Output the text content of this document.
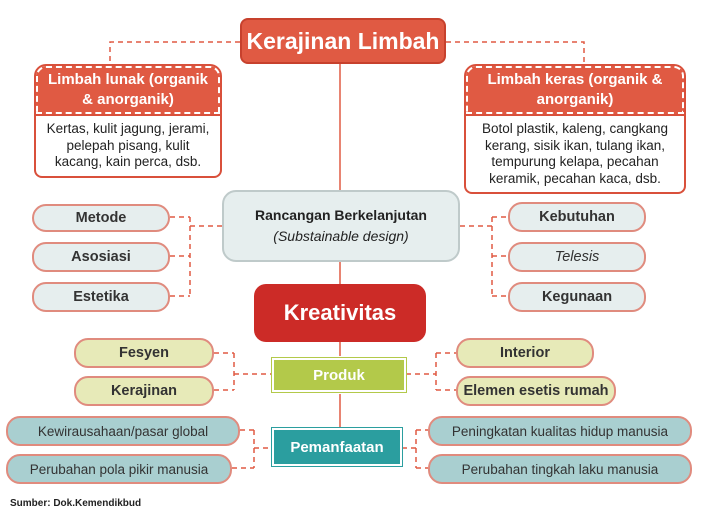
Kerajinan Limbah
Limbah lunak (organik & anorganik)
Kertas, kulit jagung, jerami, pelepah pisang, kulit kacang, kain perca, dsb.
Limbah keras (organik & anorganik)
Botol plastik, kaleng, cangkang kerang, sisik ikan, tulang ikan, tempurung kelapa, pecahan keramik, pecahan kaca, dsb.
Rancangan Berkelanjutan
(Substainable design)
Metode
Asosiasi
Estetika
Kebutuhan
Telesis
Kegunaan
Kreativitas
Produk
Fesyen
Kerajinan
Interior
Elemen esetis rumah
Pemanfaatan
Kewirausahaan/pasar global
Perubahan pola pikir manusia
Peningkatan kualitas hidup manusia
Perubahan tingkah laku manusia
Sumber: Dok.Kemendikbud
